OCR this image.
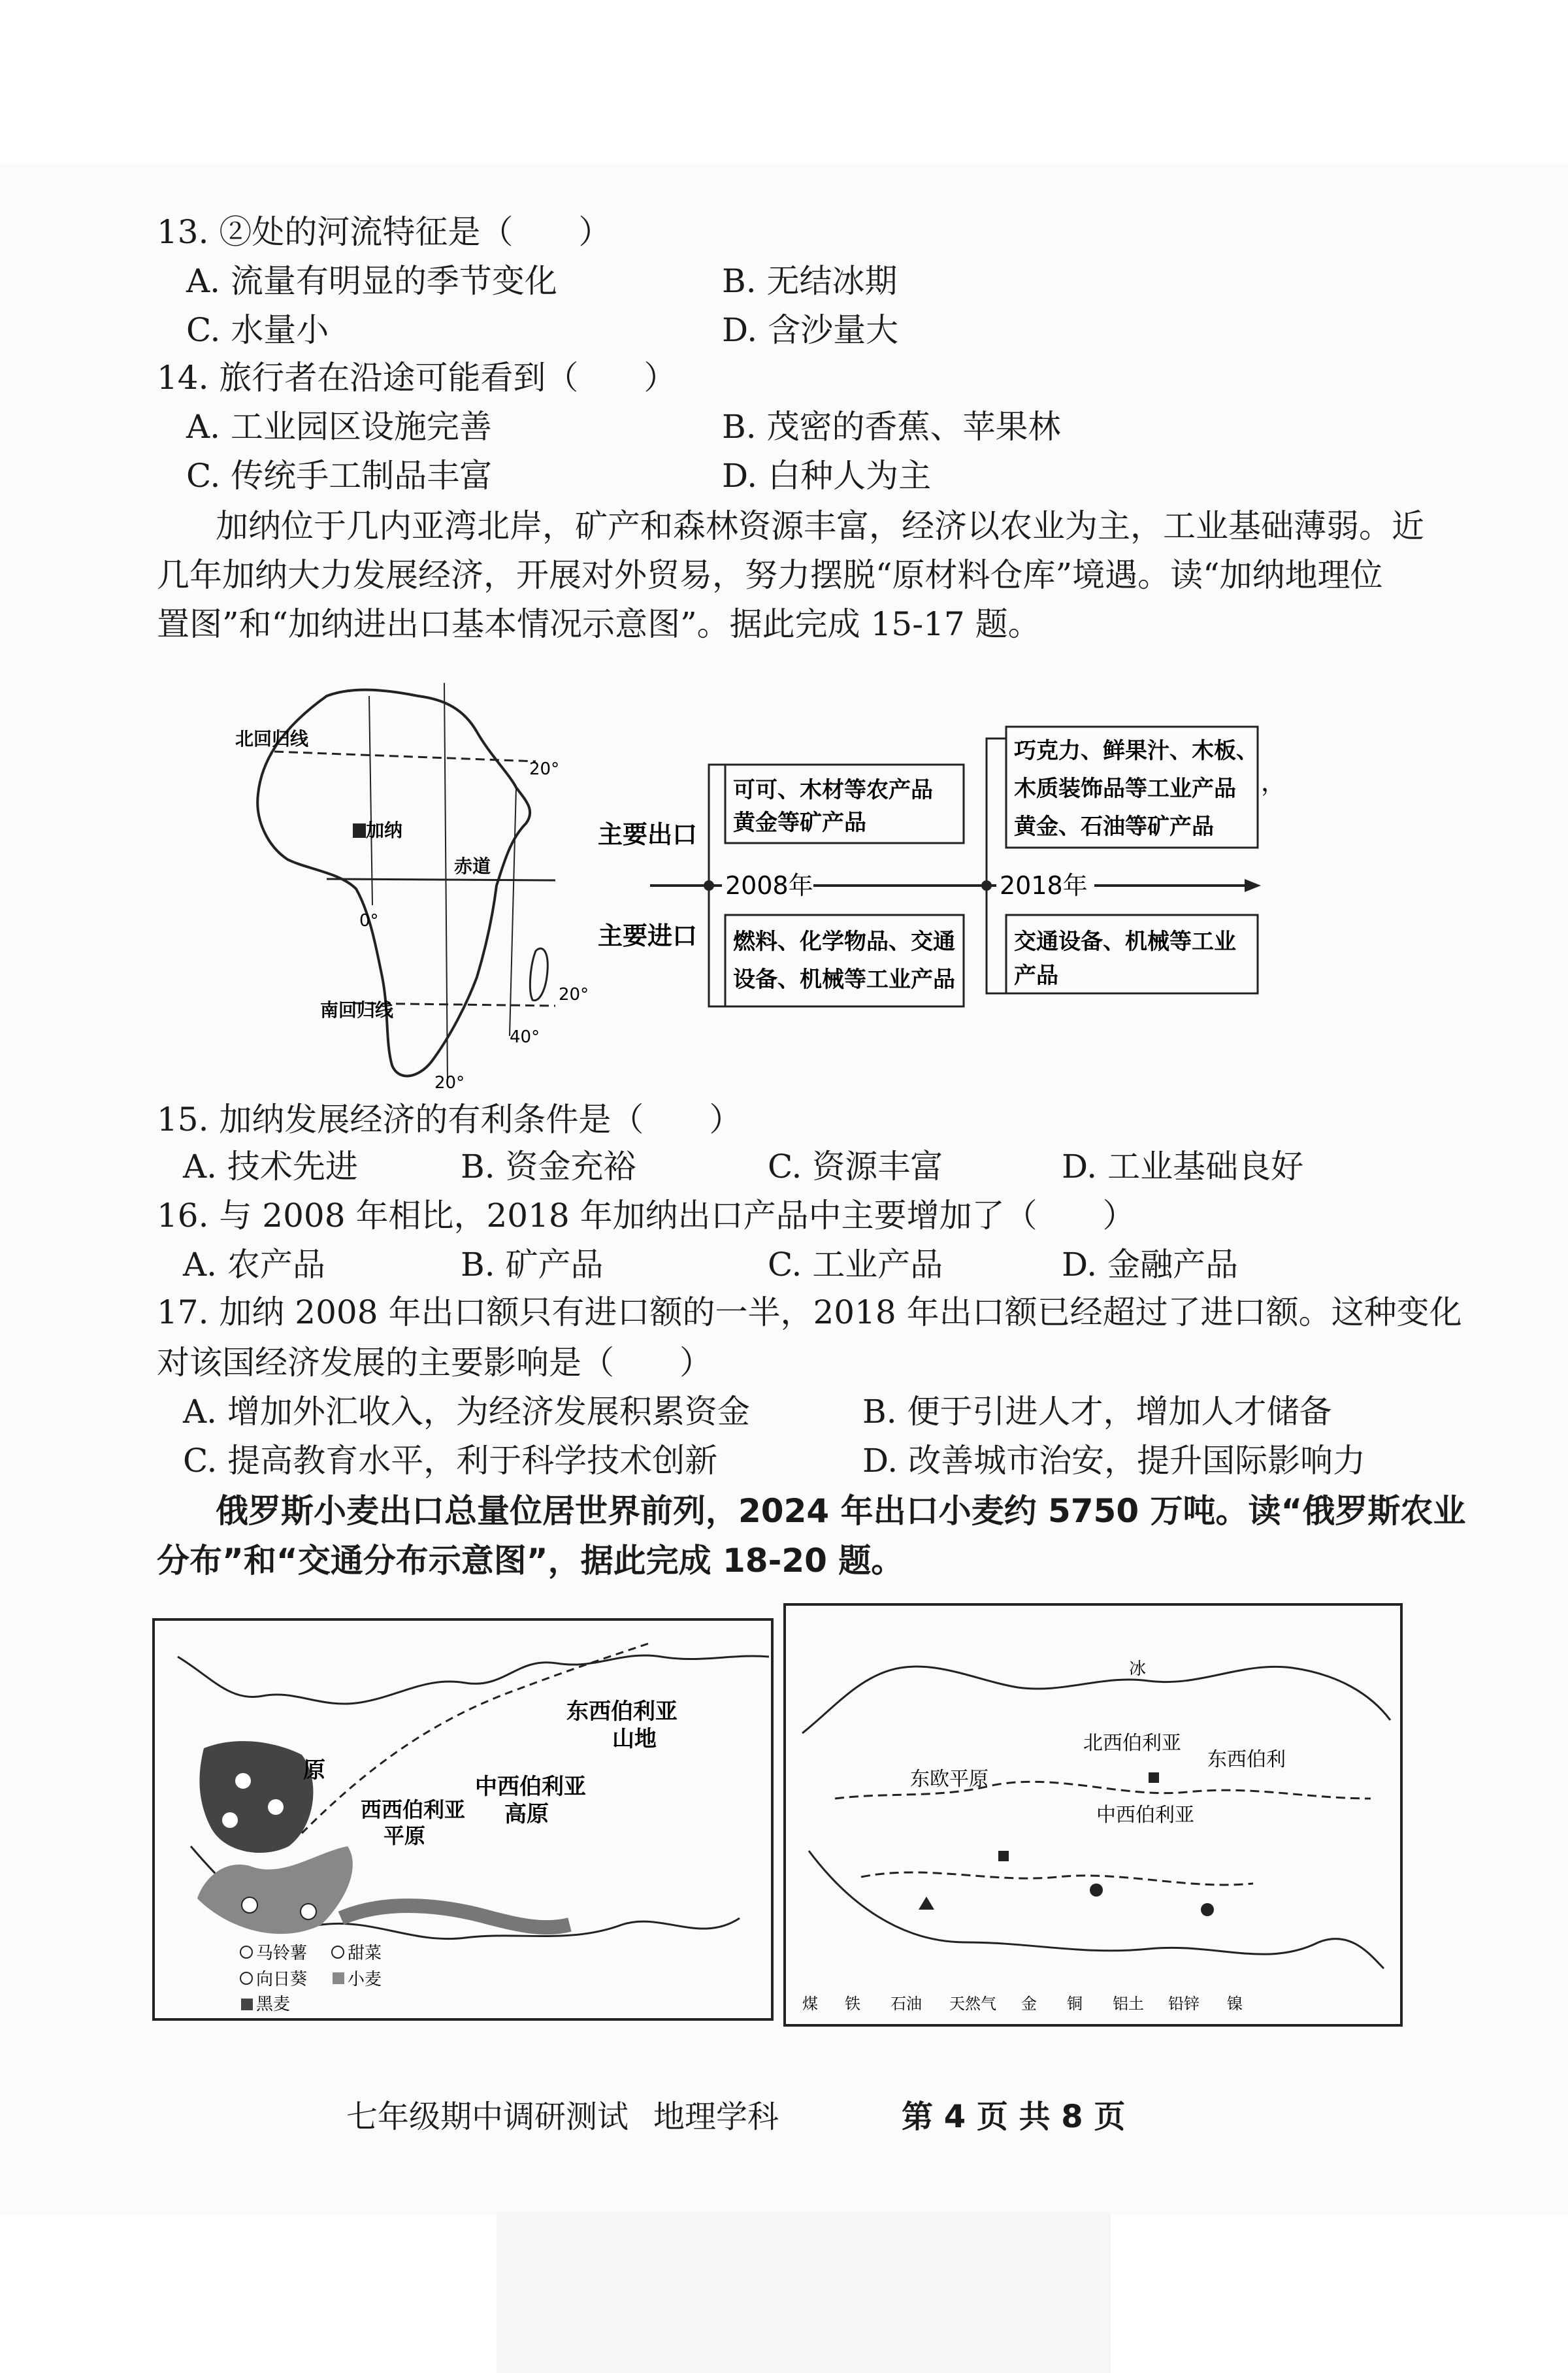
13. ②处的河流特征是（　　）
A. 流量有明显的季节变化	B. 无结冰期
C. 水量小	D. 含沙量大
14. 旅行者在沿途可能看到（　　）
A. 工业园区设施完善	B. 茂密的香蕉、苹果林
C. 传统手工制品丰富	D. 白种人为主
加纳位于几内亚湾北岸，矿产和森林资源丰富，经济以农业为主，工业基础薄弱。近
几年加纳大力发展经济，开展对外贸易，努力摆脱“原材料仓库”境遇。读“加纳地理位
置图”和“加纳进出口基本情况示意图”。据此完成 15-17 题。
北回归线
20°
加纳
赤道
0°
20°
南回归线
40°
20°
主要出口
主要进口
2008年	2018年
可可、木材等农产品
黄金等矿产品
巧克力、鲜果汁、木板、
木质装饰品等工业产品
黄金、石油等矿产品
，
燃料、化学物品、交通
设备、机械等工业产品
交通设备、机械等工业
产品
15. 加纳发展经济的有利条件是（　　）
A. 技术先进	B. 资金充裕	C. 资源丰富	D. 工业基础良好
16. 与 2008 年相比，2018 年加纳出口产品中主要增加了（　　）
A. 农产品	B. 矿产品	C. 工业产品	D. 金融产品
17. 加纳 2008 年出口额只有进口额的一半，2018 年出口额已经超过了进口额。这种变化
对该国经济发展的主要影响是（　　）
A. 增加外汇收入，为经济发展积累资金	B. 便于引进人才，增加人才储备
C. 提高教育水平，利于科学技术创新	D. 改善城市治安，提升国际影响力
俄罗斯小麦出口总量位居世界前列，2024 年出口小麦约 5750 万吨。读“俄罗斯农业
分布”和“交通分布示意图”，据此完成 18-20 题。
原
西西伯利亚
平原
中西伯利亚
高原
东西伯利亚
山地
马铃薯 甜菜
向日葵 小麦
黑麦
冰
东欧平原
北西伯利亚
中西伯利亚
东西伯利
煤 铁 石油 天然气 金 铜 铝土 铅锌 镍
七年级期中调研测试 地理学科	第 4 页 共 8 页
